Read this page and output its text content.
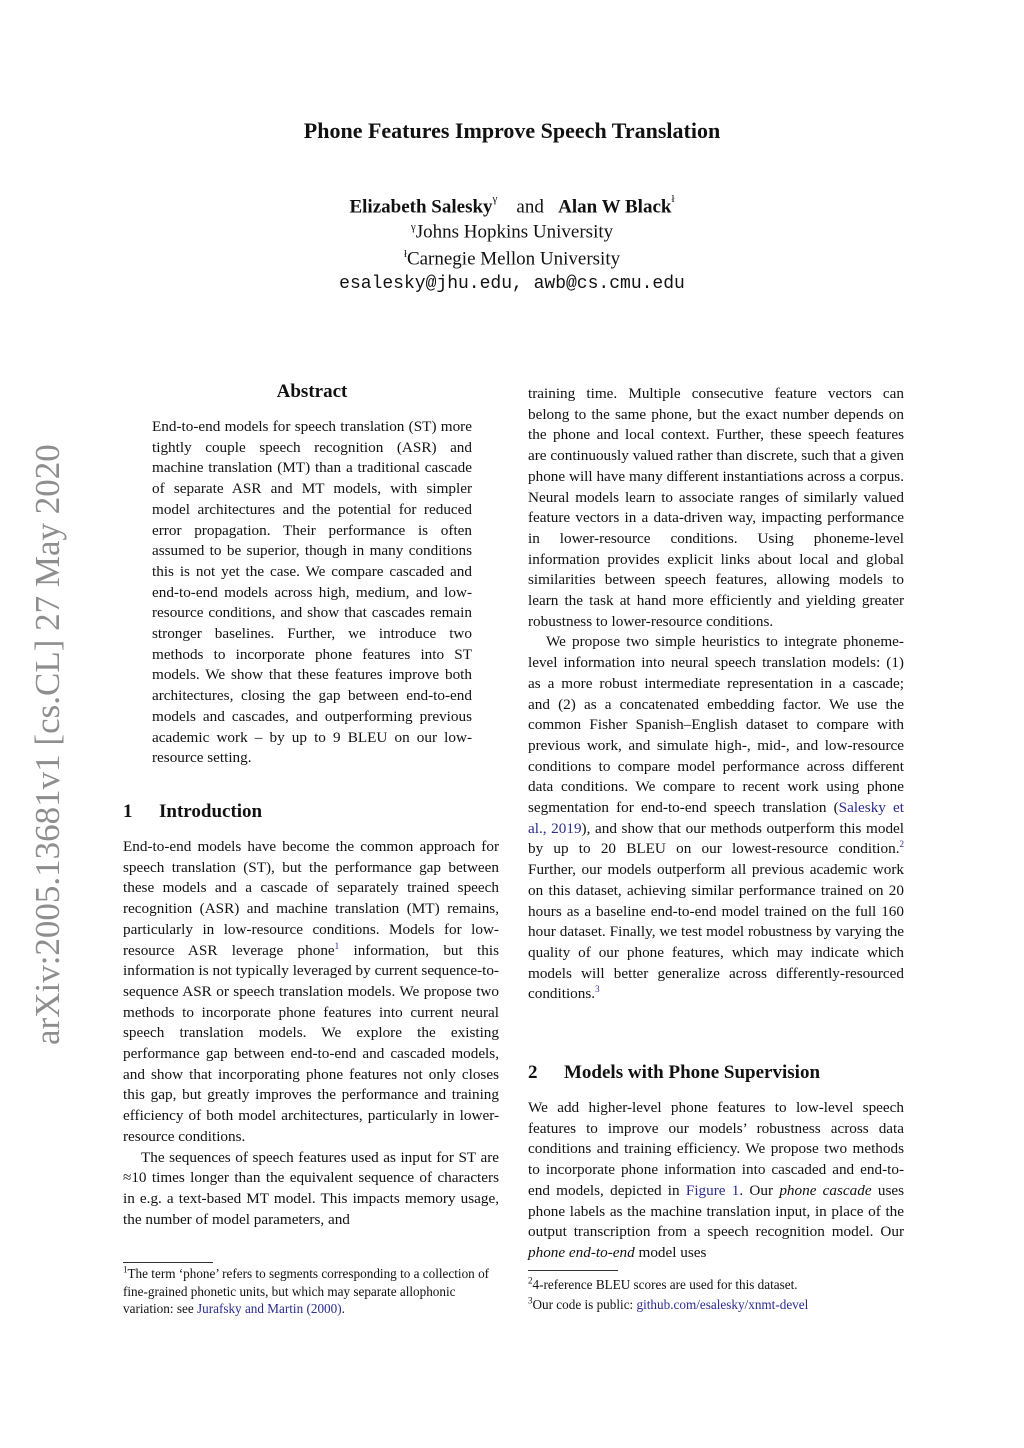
arXiv:2005.13681v1 [cs.CL] 27 May 2020
Phone Features Improve Speech Translation
Elizabeth Salesky$^\gamma$ and Alan W Black$^ł$
$^\gamma$Johns Hopkins University
$^ł$Carnegie Mellon University
esalesky@jhu.edu, awb@cs.cmu.edu
Abstract
End-to-end models for speech translation (ST) more tightly couple speech recognition (ASR) and machine translation (MT) than a traditional cascade of separate ASR and MT models, with simpler model architectures and the potential for reduced error propagation. Their performance is often assumed to be superior, though in many conditions this is not yet the case. We compare cascaded and end-to-end models across high, medium, and low-resource conditions, and show that cascades remain stronger baselines. Further, we introduce two methods to incorporate phone features into ST models. We show that these features improve both architectures, closing the gap between end-to-end models and cascades, and outperforming previous academic work – by up to 9 BLEU on our low-resource setting.
1 Introduction

End-to-end models have become the common approach for speech translation (ST), but the performance gap between these models and a cascade of separately trained speech recognition (ASR) and machine translation (MT) remains, particularly in low-resource conditions. Models for low-resource ASR leverage phone$^1$ information, but this information is not typically leveraged by current sequence-to-sequence ASR or speech translation models. We propose two methods to incorporate phone features into current neural speech translation models. We explore the existing performance gap between end-to-end and cascaded models, and show that incorporating phone features not only closes this gap, but greatly improves the performance and training efficiency of both model architectures, particularly in lower-resource conditions.

The sequences of speech features used as input for ST are ≈10 times longer than the equivalent sequence of characters in e.g. a text-based MT model. This impacts memory usage, the number of model parameters, and

$^1$The term ‘phone’ refers to segments corresponding to a collection of fine-grained phonetic units, but which may separate allophonic variation: see Jurafsky and Martin (2000).

training time. Multiple consecutive feature vectors can belong to the same phone, but the exact number depends on the phone and local context. Further, these speech features are continuously valued rather than discrete, such that a given phone will have many different instantiations across a corpus. Neural models learn to associate ranges of similarly valued feature vectors in a data-driven way, impacting performance in lower-resource conditions. Using phoneme-level information provides explicit links about local and global similarities between speech features, allowing models to learn the task at hand more efficiently and yielding greater robustness to lower-resource conditions.

We propose two simple heuristics to integrate phoneme-level information into neural speech translation models: (1) as a more robust intermediate representation in a cascade; and (2) as a concatenated embedding factor. We use the common Fisher Spanish–English dataset to compare with previous work, and simulate high-, mid-, and low-resource conditions to compare model performance across different data conditions. We compare to recent work using phone segmentation for end-to-end speech translation (Salesky et al., 2019), and show that our methods outperform this model by up to 20 BLEU on our lowest-resource condition.$^2$ Further, our models outperform all previous academic work on this dataset, achieving similar performance trained on 20 hours as a baseline end-to-end model trained on the full 160 hour dataset. Finally, we test model robustness by varying the quality of our phone features, which may indicate which models will better generalize across differently-resourced conditions.$^3$

2 Models with Phone Supervision

We add higher-level phone features to low-level speech features to improve our models’ robustness across data conditions and training efficiency. We propose two methods to incorporate phone information into cascaded and end-to-end models, depicted in Figure 1. Our phone cascade uses phone labels as the machine translation input, in place of the output transcription from a speech recognition model. Our phone end-to-end model uses

$^2$4-reference BLEU scores are used for this dataset.
$^3$Our code is public: github.com/esalesky/xnmt-devel
